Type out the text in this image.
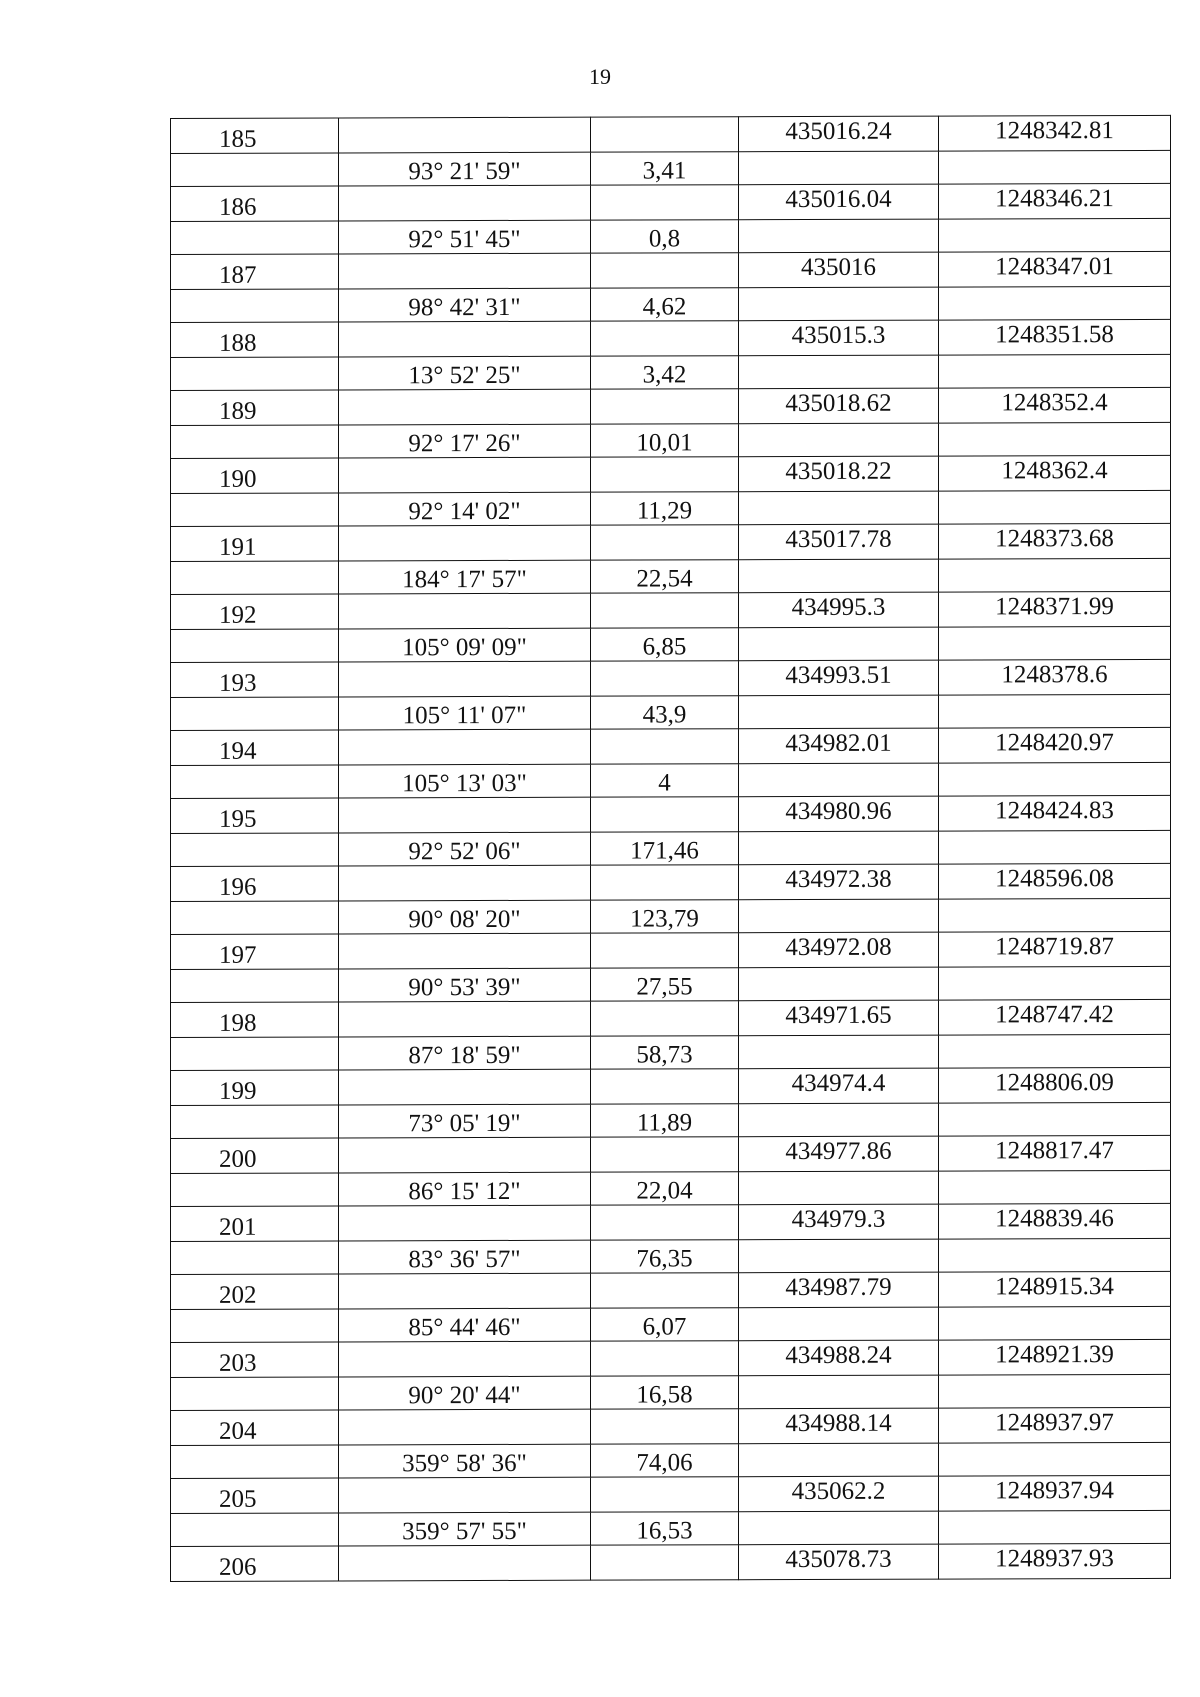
19
185			435016.24	1248342.81
	93° 21' 59"	3,41		
186			435016.04	1248346.21
	92° 51' 45"	0,8		
187			435016	1248347.01
	98° 42' 31"	4,62		
188			435015.3	1248351.58
	13° 52' 25"	3,42		
189			435018.62	1248352.4
	92° 17' 26"	10,01		
190			435018.22	1248362.4
	92° 14' 02"	11,29		
191			435017.78	1248373.68
	184° 17' 57"	22,54		
192			434995.3	1248371.99
	105° 09' 09"	6,85		
193			434993.51	1248378.6
	105° 11' 07"	43,9		
194			434982.01	1248420.97
	105° 13' 03"	4		
195			434980.96	1248424.83
	92° 52' 06"	171,46		
196			434972.38	1248596.08
	90° 08' 20"	123,79		
197			434972.08	1248719.87
	90° 53' 39"	27,55		
198			434971.65	1248747.42
	87° 18' 59"	58,73		
199			434974.4	1248806.09
	73° 05' 19"	11,89		
200			434977.86	1248817.47
	86° 15' 12"	22,04		
201			434979.3	1248839.46
	83° 36' 57"	76,35		
202			434987.79	1248915.34
	85° 44' 46"	6,07		
203			434988.24	1248921.39
	90° 20' 44"	16,58		
204			434988.14	1248937.97
	359° 58' 36"	74,06		
205			435062.2	1248937.94
	359° 57' 55"	16,53		
206			435078.73	1248937.93
